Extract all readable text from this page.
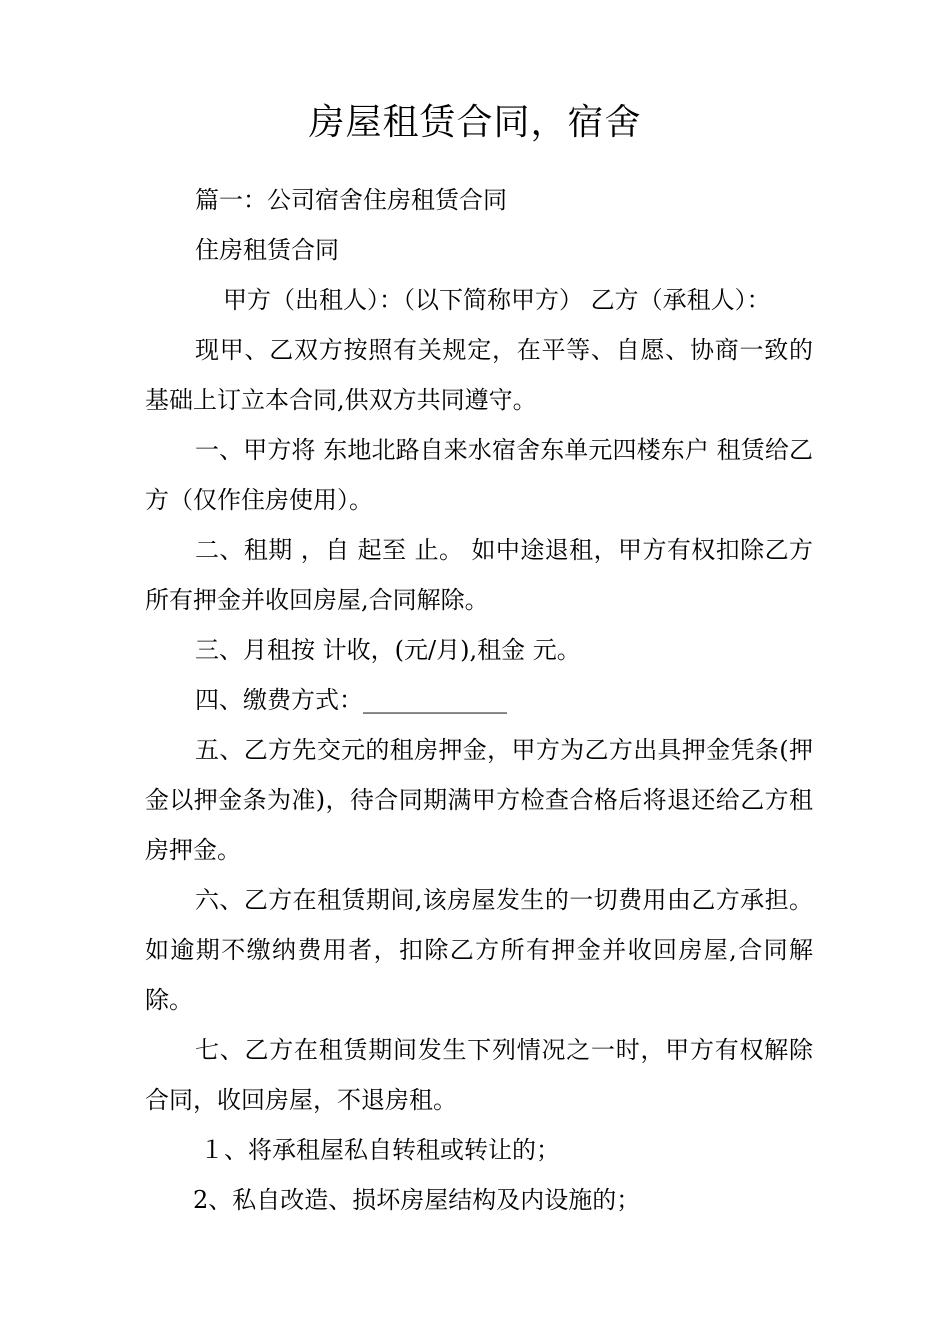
房屋租赁合同，宿舍

篇一：公司宿舍住房租赁合同

住房租赁合同

甲方（出租人）：（以下简称甲方） 乙方（承租人）：

现甲、乙双方按照有关规定，在平等、自愿、协商一致的基础上订立本合同,供双方共同遵守。

一、甲方将 东地北路自来水宿舍东单元四楼东户 租赁给乙方（仅作住房使用）。

二、租期 ，自 起至 止。 如中途退租，甲方有权扣除乙方所有押金并收回房屋,合同解除。

三、月租按 计收，(元/月),租金 元。

四、缴费方式：____________

五、乙方先交元的租房押金，甲方为乙方出具押金凭条(押金以押金条为准)，待合同期满甲方检查合格后将退还给乙方租房押金。

六、乙方在租赁期间,该房屋发生的一切费用由乙方承担。如逾期不缴纳费用者，扣除乙方所有押金并收回房屋,合同解除。

七、乙方在租赁期间发生下列情况之一时，甲方有权解除合同，收回房屋，不退房租。

１、将承租屋私自转租或转让的；

2、私自改造、损坏房屋结构及内设施的；
